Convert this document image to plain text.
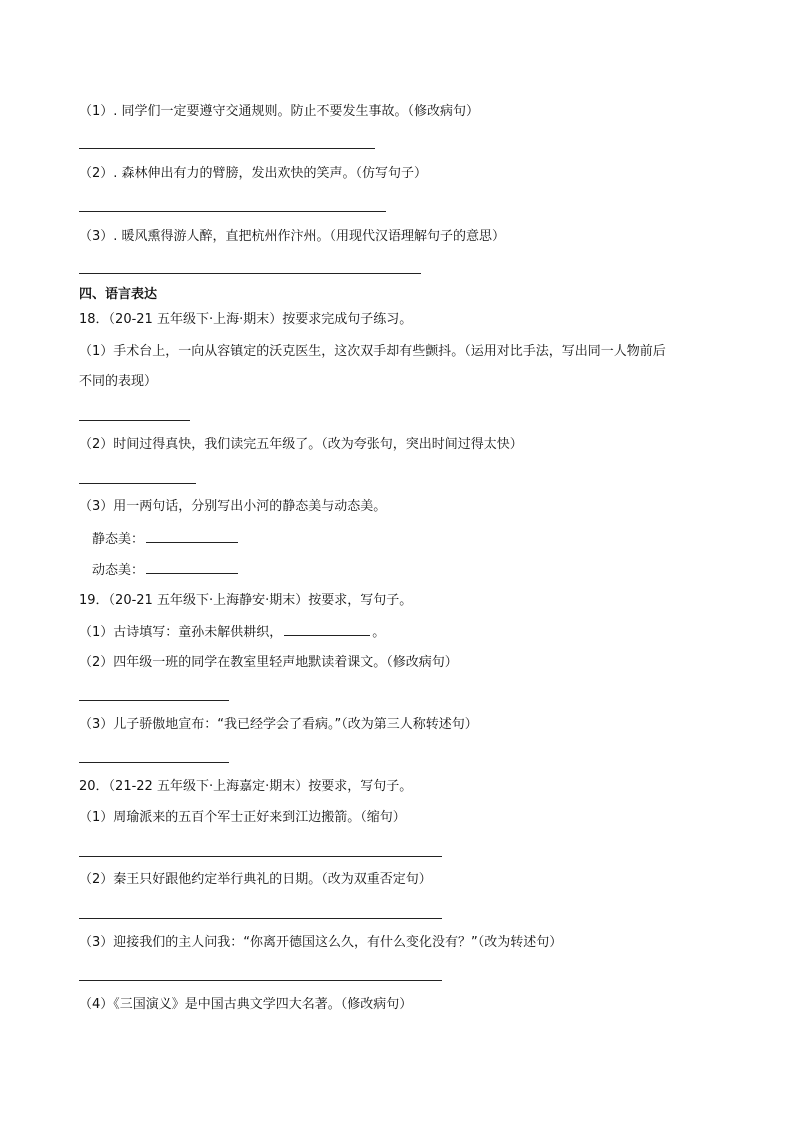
（1）. 同学们一定要遵守交通规则。防止不要发生事故。（修改病句）
（2）. 森林伸出有力的臂膀，发出欢快的笑声。（仿写句子）
（3）. 暖风熏得游人醉，直把杭州作汴州。（用现代汉语理解句子的意思）
四、语言表达
18．（20-21 五年级下·上海·期末）按要求完成句子练习。
（1）手术台上，一向从容镇定的沃克医生，这次双手却有些颤抖。（运用对比手法，写出同一人物前后
不同的表现）
（2）时间过得真快，我们读完五年级了。（改为夸张句，突出时间过得太快）
（3）用一两句话，分别写出小河的静态美与动态美。
静态美：
动态美：
19．（20-21 五年级下·上海静安·期末）按要求，写句子。
（1）古诗填写：童孙未解供耕织，	。
（2）四年级一班的同学在教室里轻声地默读着课文。（修改病句）
（3）儿子骄傲地宣布：“我已经学会了看病。”（改为第三人称转述句）
20．（21-22 五年级下·上海嘉定·期末）按要求，写句子。
（1）周瑜派来的五百个军士正好来到江边搬箭。（缩句）
（2）秦王只好跟他约定举行典礼的日期。（改为双重否定句）
（3）迎接我们的主人问我：“你离开德国这么久，有什么变化没有？”（改为转述句）
（4）《三国演义》是中国古典文学四大名著。（修改病句）
